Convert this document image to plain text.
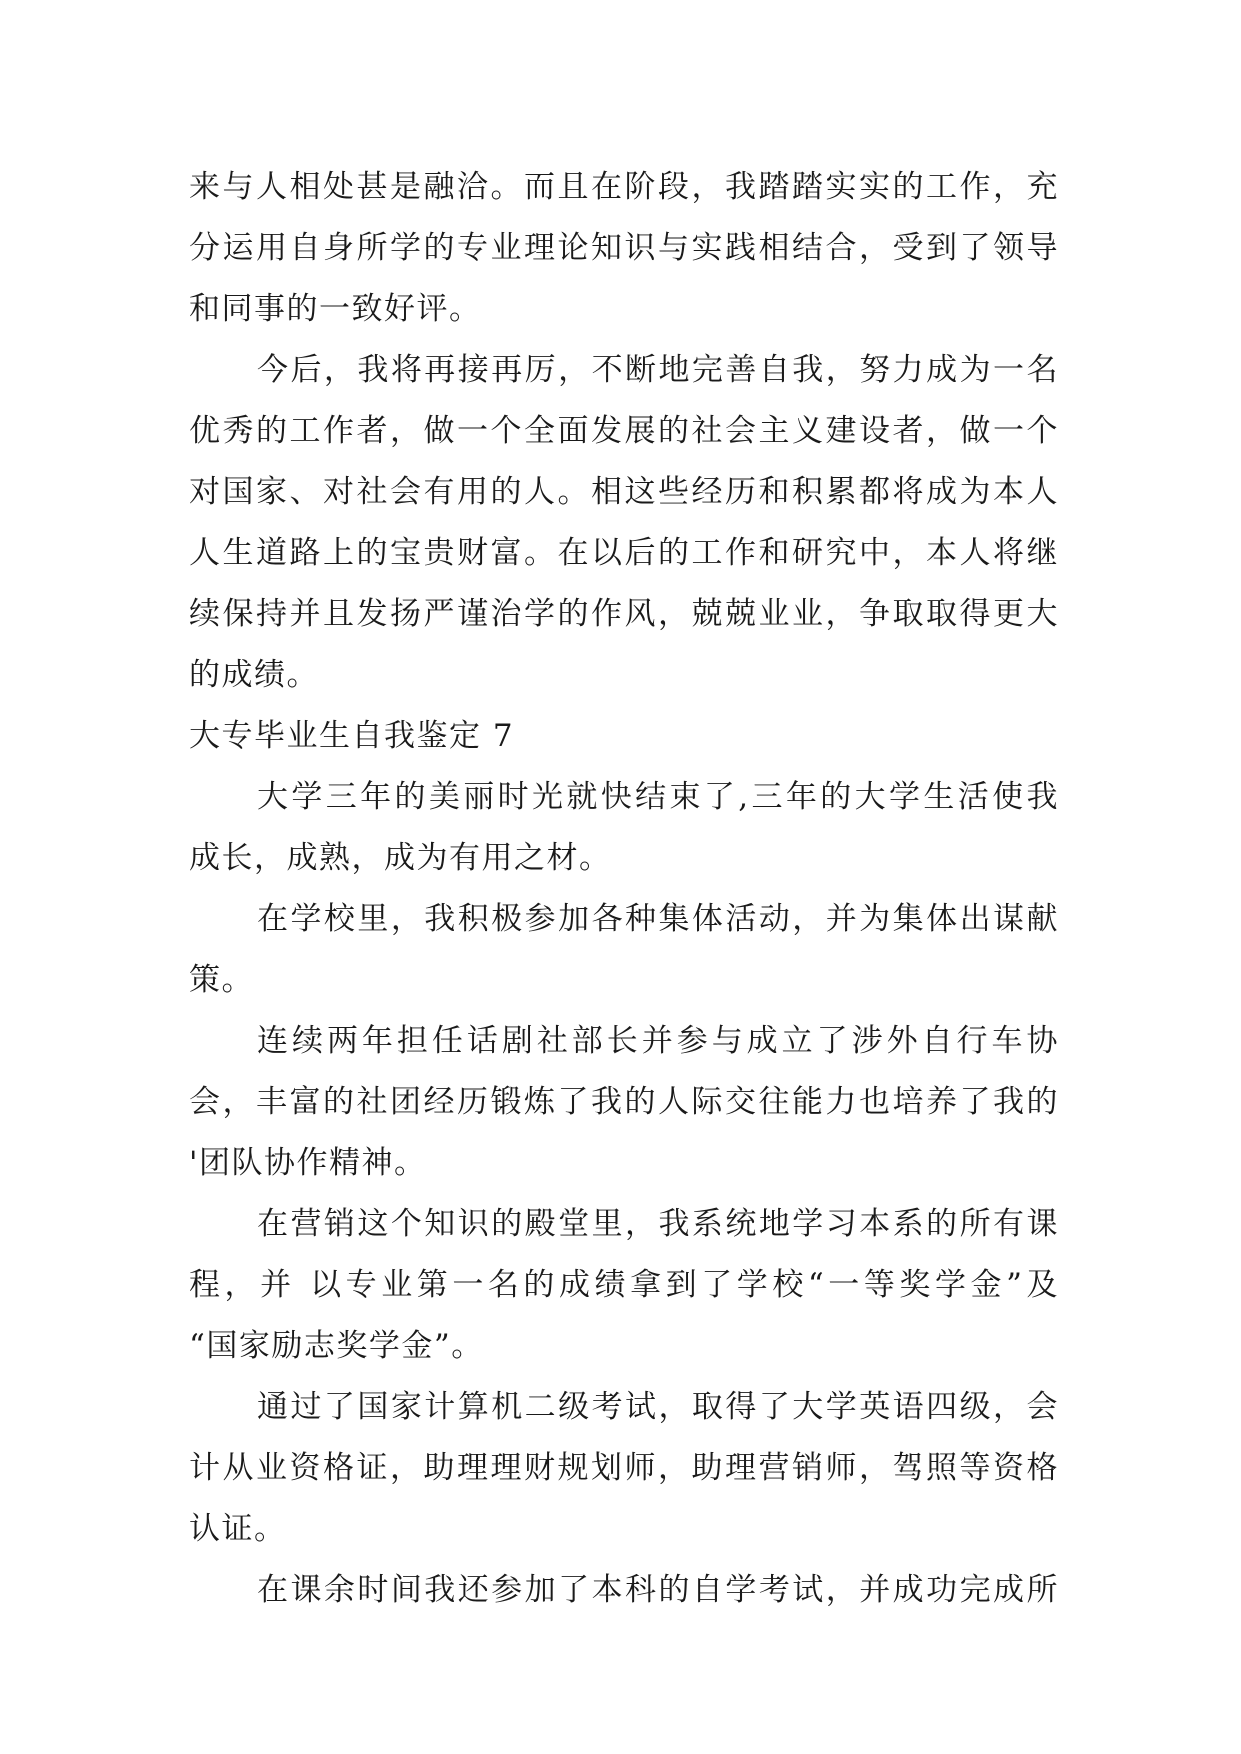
来与人相处甚是融洽。而且在阶段，我踏踏实实的工作，充
分运用自身所学的专业理论知识与实践相结合，受到了领导
和同事的一致好评。
今后，我将再接再厉，不断地完善自我，努力成为一名
优秀的工作者，做一个全面发展的社会主义建设者，做一个
对国家、对社会有用的人。相这些经历和积累都将成为本人
人生道路上的宝贵财富。在以后的工作和研究中，本人将继
续保持并且发扬严谨治学的作风，兢兢业业，争取取得更大
的成绩。
大专毕业生自我鉴定 7
大学三年的美丽时光就快结束了,三年的大学生活使我
成长，成熟，成为有用之材。
在学校里，我积极参加各种集体活动，并为集体出谋献
策。
连续两年担任话剧社部长并参与成立了涉外自行车协
会，丰富的社团经历锻炼了我的人际交往能力也培养了我的
'团队协作精神。
在营销这个知识的殿堂里，我系统地学习本系的所有课
程，并 以专业第一名的成绩拿到了学校“一等奖学金”及
“国家励志奖学金”。
通过了国家计算机二级考试，取得了大学英语四级，会
计从业资格证，助理理财规划师，助理营销师，驾照等资格
认证。
在课余时间我还参加了本科的自学考试，并成功完成所
